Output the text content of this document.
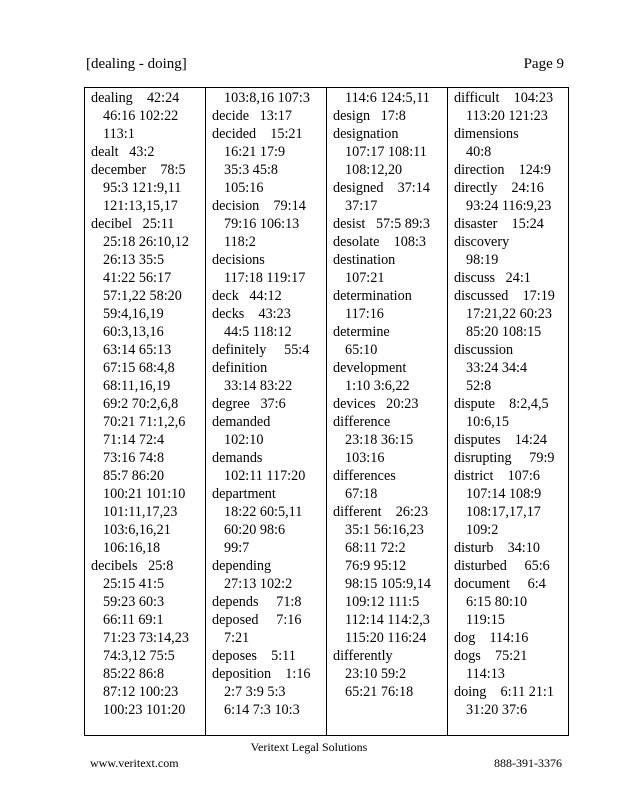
[dealing - doing]	Page 9
dealing    42:24
46:16 102:22
113:1
dealt   43:2
december    78:5
95:3 121:9,11
121:13,15,17
decibel   25:11
25:18 26:10,12
26:13 35:5
41:22 56:17
57:1,22 58:20
59:4,16,19
60:3,13,16
63:14 65:13
67:15 68:4,8
68:11,16,19
69:2 70:2,6,8
70:21 71:1,2,6
71:14 72:4
73:16 74:8
85:7 86:20
100:21 101:10
101:11,17,23
103:6,16,21
106:16,18
decibels   25:8
25:15 41:5
59:23 60:3
66:11 69:1
71:23 73:14,23
74:3,12 75:5
85:22 86:8
87:12 100:23
100:23 101:20
103:8,16 107:3
decide   13:17
decided    15:21
16:21 17:9
35:3 45:8
105:16
decision    79:14
79:16 106:13
118:2
decisions
117:18 119:17
deck   44:12
decks    43:23
44:5 118:12
definitely     55:4
definition
33:14 83:22
degree   37:6
demanded
102:10
demands
102:11 117:20
department
18:22 60:5,11
60:20 98:6
99:7
depending
27:13 102:2
depends     71:8
deposed     7:16
7:21
deposes    5:11
deposition    1:16
2:7 3:9 5:3
6:14 7:3 10:3
114:6 124:5,11
design   17:8
designation
107:17 108:11
108:12,20
designed    37:14
37:17
desist   57:5 89:3
desolate    108:3
destination
107:21
determination
117:16
determine
65:10
development
1:10 3:6,22
devices   20:23
difference
23:18 36:15
103:16
differences
67:18
different    26:23
35:1 56:16,23
68:11 72:2
76:9 95:12
98:15 105:9,14
109:12 111:5
112:14 114:2,3
115:20 116:24
differently
23:10 59:2
65:21 76:18
difficult    104:23
113:20 121:23
dimensions
40:8
direction    124:9
directly    24:16
93:24 116:9,23
disaster    15:24
discovery
98:19
discuss   24:1
discussed    17:19
17:21,22 60:23
85:20 108:15
discussion
33:24 34:4
52:8
dispute    8:2,4,5
10:6,15
disputes    14:24
disrupting     79:9
district    107:6
107:14 108:9
108:17,17,17
109:2
disturb    34:10
disturbed     65:6
document     6:4
6:15 80:10
119:15
dog    114:16
dogs    75:21
114:13
doing    6:11 21:1
31:20 37:6
Veritext Legal Solutions
www.veritext.com	888-391-3376
